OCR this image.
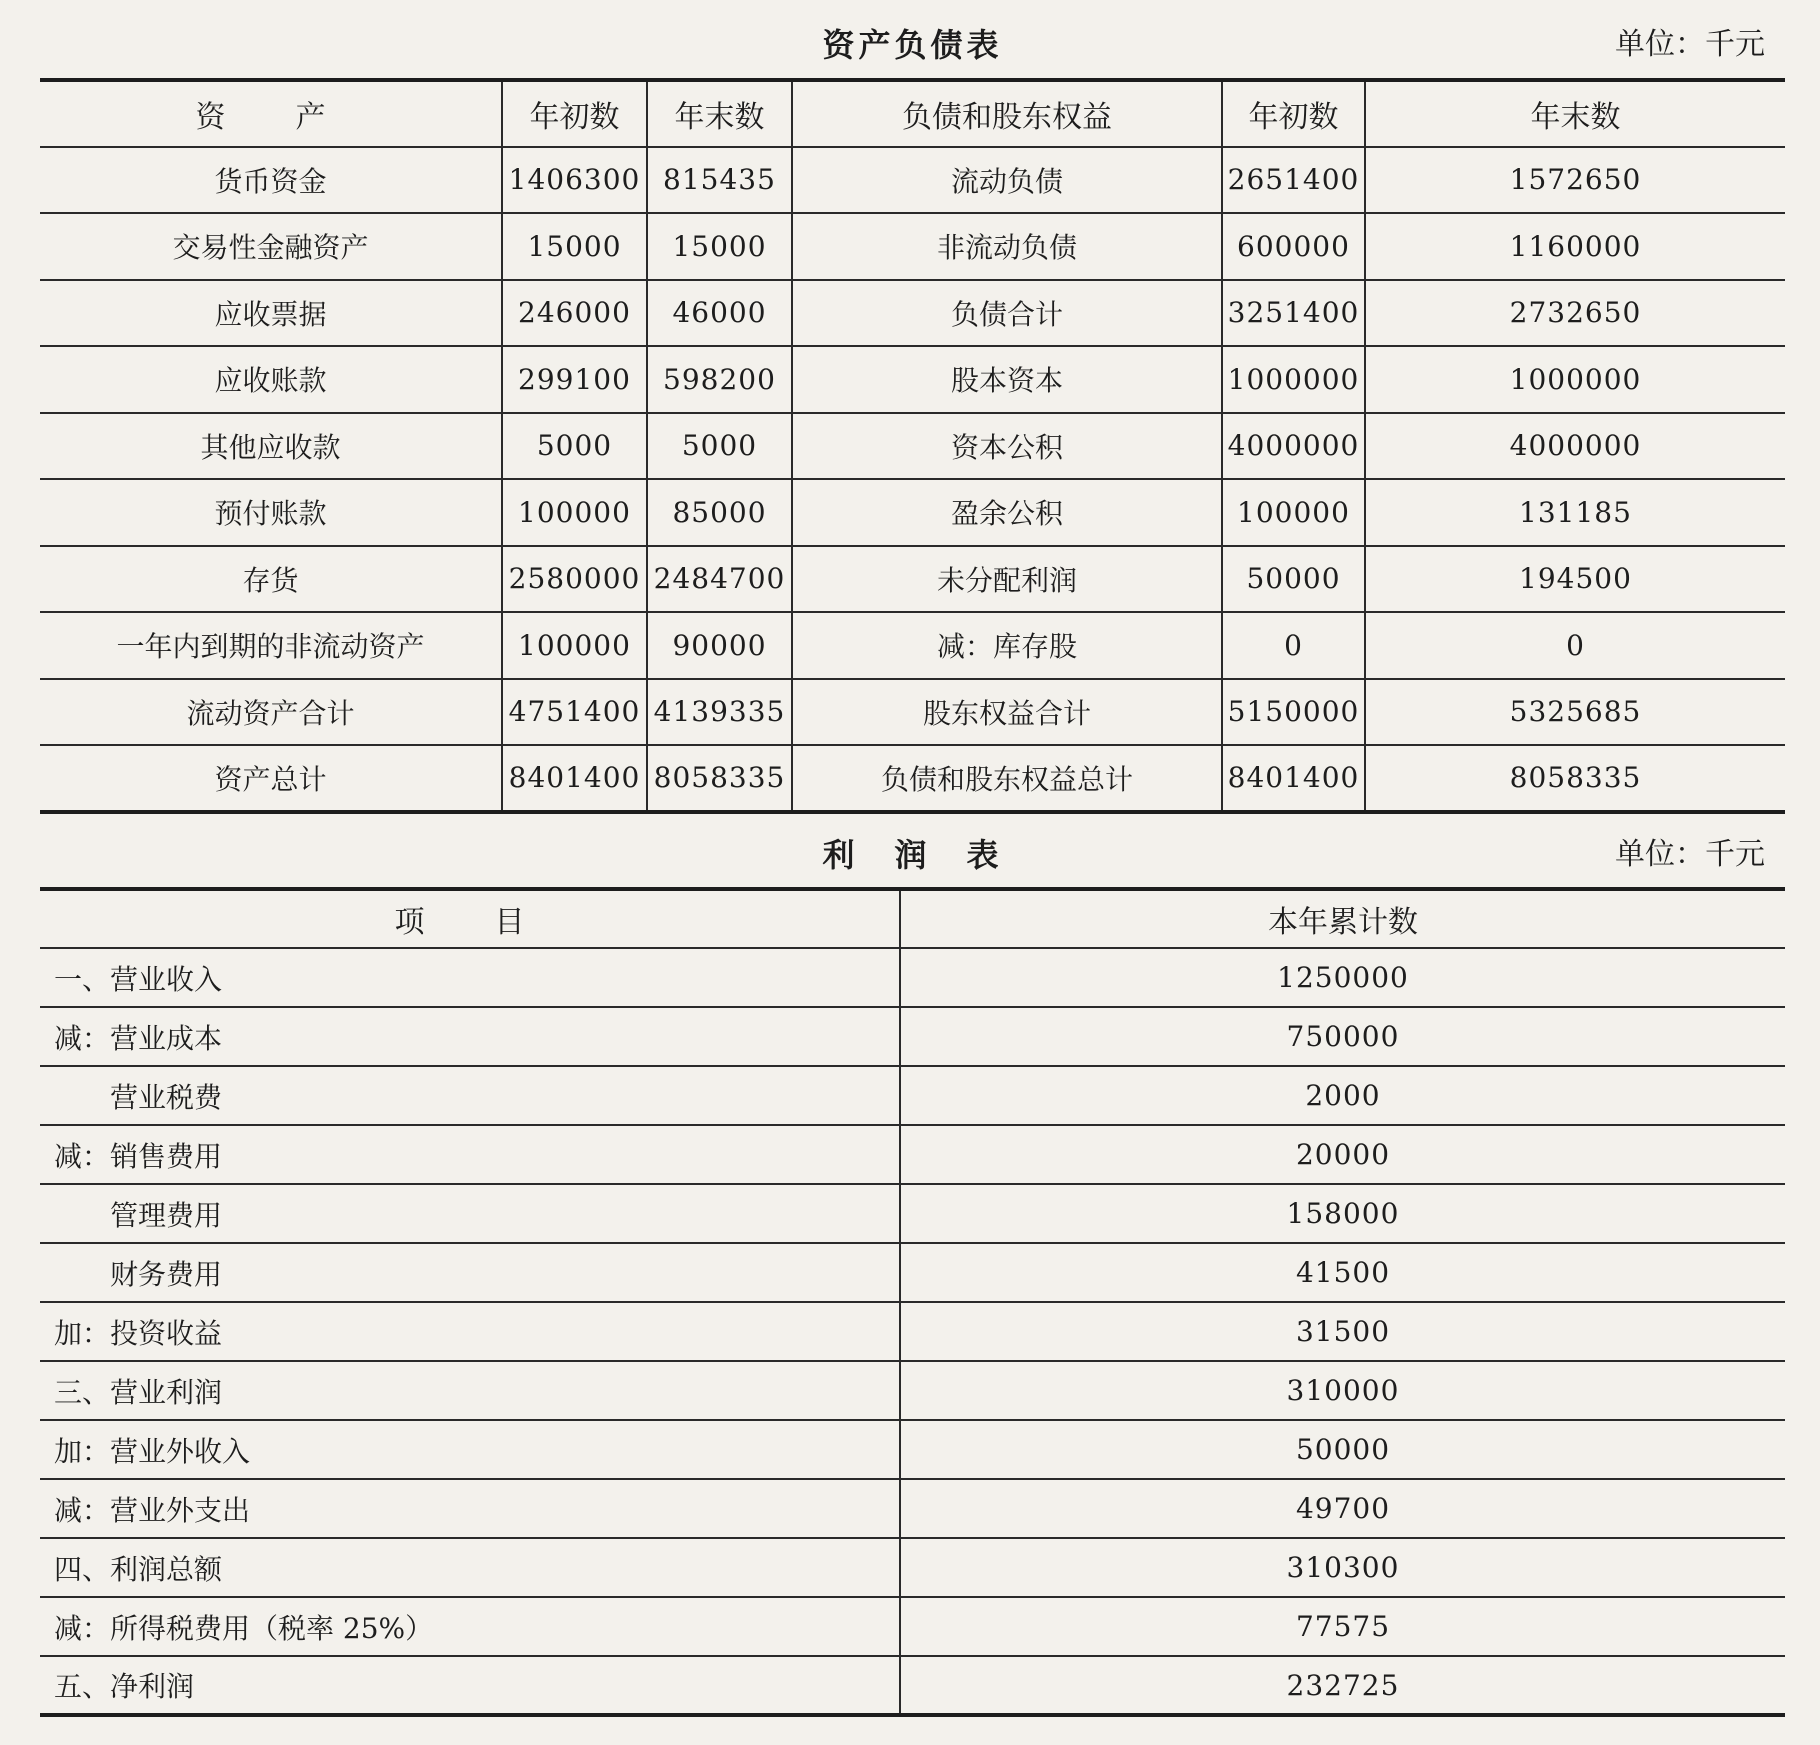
资产负债表	单位：千元
资　产	年初数	年末数	负债和股东权益	年初数	年末数
货币资金	1406300	815435	流动负债	2651400	1572650
交易性金融资产	15000	15000	非流动负债	600000	1160000
应收票据	246000	46000	负债合计	3251400	2732650
应收账款	299100	598200	股本资本	1000000	1000000
其他应收款	5000	5000	资本公积	4000000	4000000
预付账款	100000	85000	盈余公积	100000	131185
存货	2580000	2484700	未分配利润	50000	194500
一年内到期的非流动资产	100000	90000	减：库存股	0	0
流动资产合计	4751400	4139335	股东权益合计	5150000	5325685
资产总计	8401400	8058335	负债和股东权益总计	8401400	8058335
利　润　表	单位：千元
项　目	本年累计数
一、营业收入	1250000
减：营业成本	750000
　　营业税费	2000
减：销售费用	20000
　　管理费用	158000
　　财务费用	41500
加：投资收益	31500
三、营业利润	310000
加：营业外收入	50000
减：营业外支出	49700
四、利润总额	310300
减：所得税费用（税率 25%）	77575
五、净利润	232725
